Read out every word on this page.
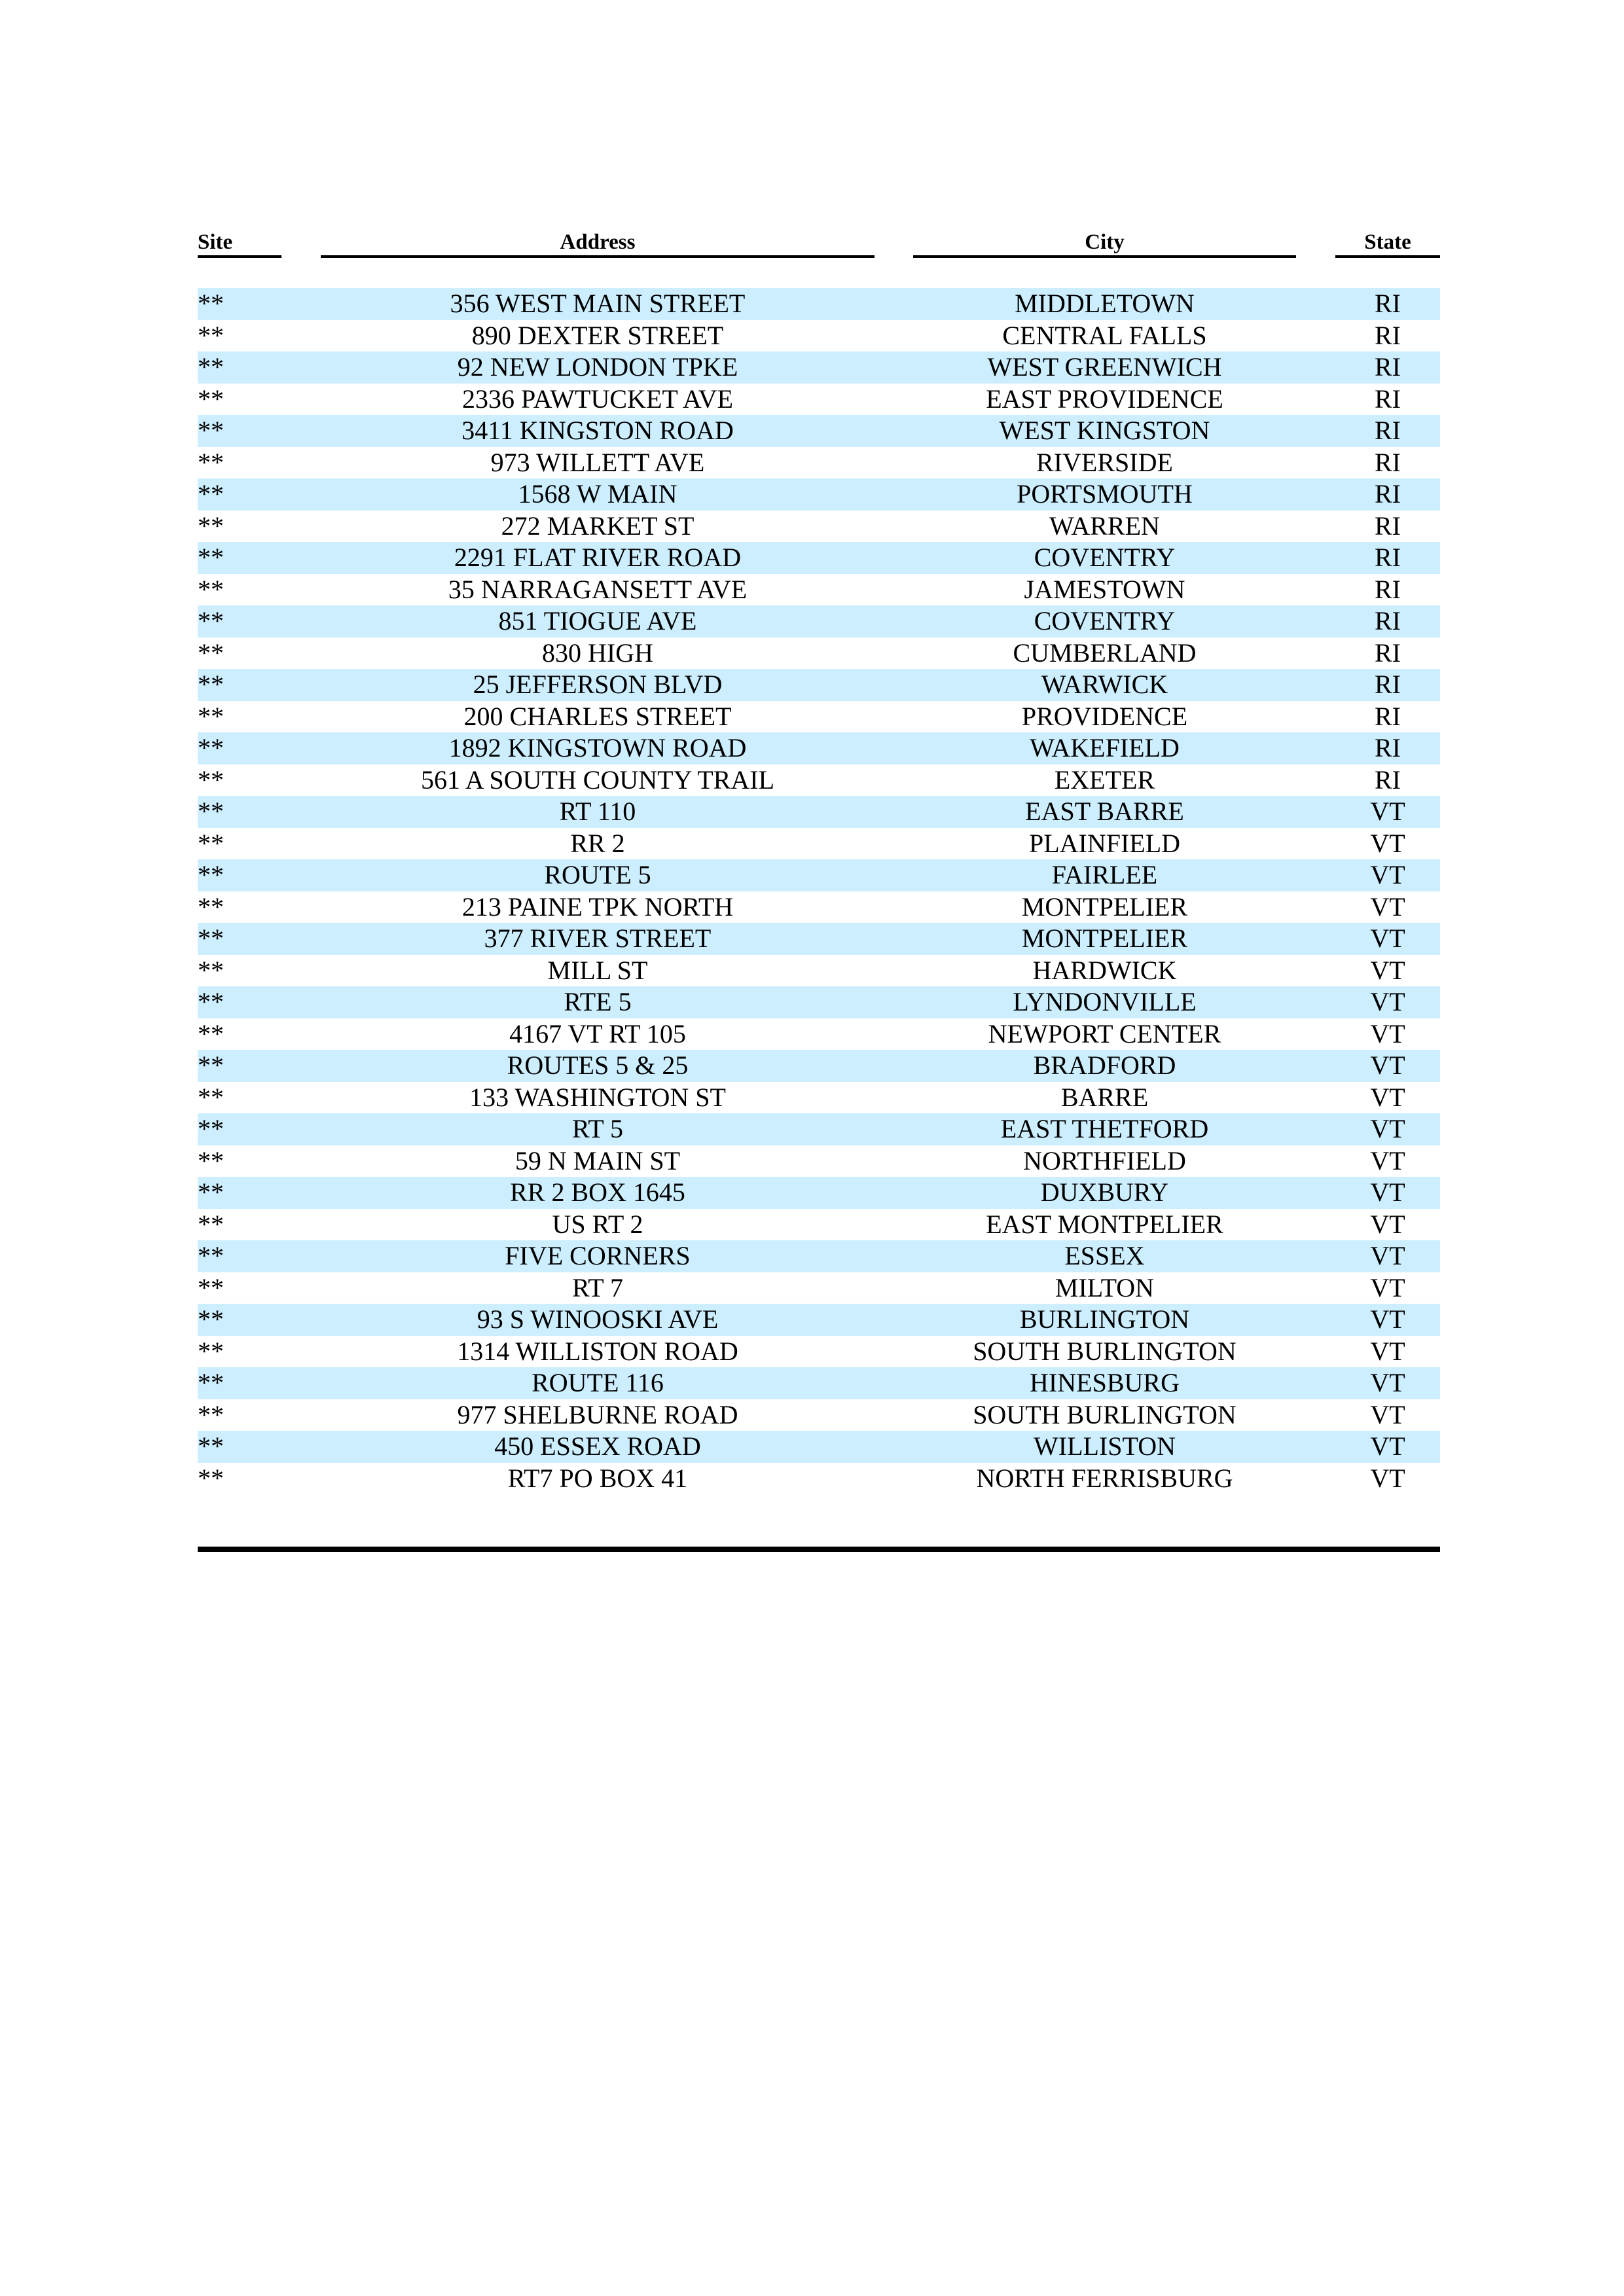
Site	Address	City	State
**	356 WEST MAIN STREET	MIDDLETOWN	RI
**	890 DEXTER STREET	CENTRAL FALLS	RI
**	92 NEW LONDON TPKE	WEST GREENWICH	RI
**	2336 PAWTUCKET AVE	EAST PROVIDENCE	RI
**	3411 KINGSTON ROAD	WEST KINGSTON	RI
**	973 WILLETT AVE	RIVERSIDE	RI
**	1568 W MAIN	PORTSMOUTH	RI
**	272 MARKET ST	WARREN	RI
**	2291 FLAT RIVER ROAD	COVENTRY	RI
**	35 NARRAGANSETT AVE	JAMESTOWN	RI
**	851 TIOGUE AVE	COVENTRY	RI
**	830 HIGH	CUMBERLAND	RI
**	25 JEFFERSON BLVD	WARWICK	RI
**	200 CHARLES STREET	PROVIDENCE	RI
**	1892 KINGSTOWN ROAD	WAKEFIELD	RI
**	561 A SOUTH COUNTY TRAIL	EXETER	RI
**	RT 110	EAST BARRE	VT
**	RR 2	PLAINFIELD	VT
**	ROUTE 5	FAIRLEE	VT
**	213 PAINE TPK NORTH	MONTPELIER	VT
**	377 RIVER STREET	MONTPELIER	VT
**	MILL ST	HARDWICK	VT
**	RTE 5	LYNDONVILLE	VT
**	4167 VT RT 105	NEWPORT CENTER	VT
**	ROUTES 5 & 25	BRADFORD	VT
**	133 WASHINGTON ST	BARRE	VT
**	RT 5	EAST THETFORD	VT
**	59 N MAIN ST	NORTHFIELD	VT
**	RR 2 BOX 1645	DUXBURY	VT
**	US RT 2	EAST MONTPELIER	VT
**	FIVE CORNERS	ESSEX	VT
**	RT 7	MILTON	VT
**	93 S WINOOSKI AVE	BURLINGTON	VT
**	1314 WILLISTON ROAD	SOUTH BURLINGTON	VT
**	ROUTE 116	HINESBURG	VT
**	977 SHELBURNE ROAD	SOUTH BURLINGTON	VT
**	450 ESSEX ROAD	WILLISTON	VT
**	RT7 PO BOX 41	NORTH FERRISBURG	VT
